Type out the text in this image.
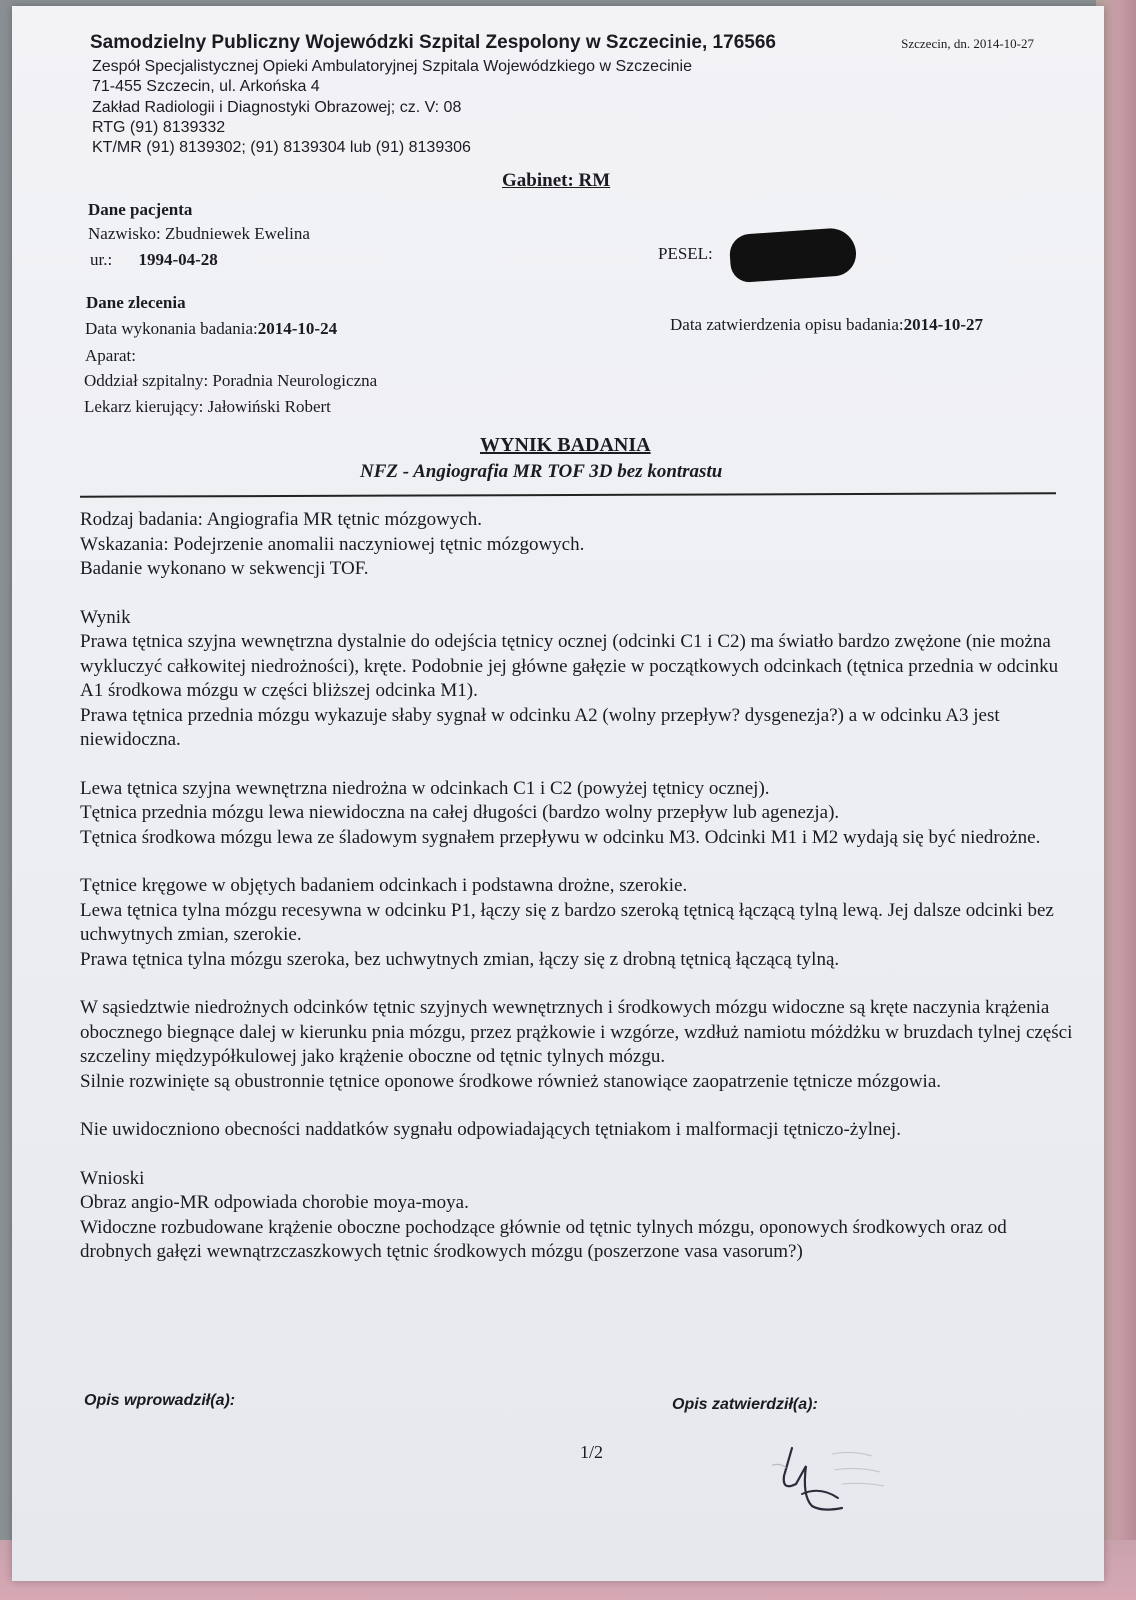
Samodzielny Publiczny Wojewódzki Szpital Zespolony w Szczecinie, 176566	Szczecin, dn. 2014-10-27
Zespół Specjalistycznej Opieki Ambulatoryjnej Szpitala Wojewódzkiego w Szczecinie
71-455 Szczecin, ul. Arkońska 4
Zakład Radiologii i Diagnostyki Obrazowej; cz. V: 08
RTG (91) 8139332
KT/MR (91) 8139302; (91) 8139304 lub (91) 8139306
Gabinet: RM
Dane pacjenta
Nazwisko: Zbudniewek Ewelina
ur.: 1994-04-28	PESEL:
Dane zlecenia
Data wykonania badania:2014-10-24	Data zatwierdzenia opisu badania:2014-10-27
Aparat:
Oddział szpitalny: Poradnia Neurologiczna
Lekarz kierujący: Jałowiński Robert
WYNIK BADANIA
NFZ - Angiografia MR TOF 3D bez kontrastu

Rodzaj badania: Angiografia MR tętnic mózgowych.

Wskazania: Podejrzenie anomalii naczyniowej tętnic mózgowych.

Badanie wykonano w sekwencji TOF.

Wynik

Prawa tętnica szyjna wewnętrzna dystalnie do odejścia tętnicy ocznej (odcinki C1 i C2) ma światło bardzo zwężone (nie można wykluczyć całkowitej niedrożności), kręte. Podobnie jej główne gałęzie w początkowych odcinkach (tętnica przednia w odcinku A1 środkowa mózgu w części bliższej odcinka M1).

Prawa tętnica przednia mózgu wykazuje słaby sygnał w odcinku A2 (wolny przepływ? dysgenezja?) a w odcinku A3 jest niewidoczna.

Lewa tętnica szyjna wewnętrzna niedrożna w odcinkach C1 i C2 (powyżej tętnicy ocznej).

Tętnica przednia mózgu lewa niewidoczna na całej długości (bardzo wolny przepływ lub agenezja).

Tętnica środkowa mózgu lewa ze śladowym sygnałem przepływu w odcinku M3. Odcinki M1 i M2 wydają się być niedrożne.

Tętnice kręgowe w objętych badaniem odcinkach i podstawna drożne, szerokie.

Lewa tętnica tylna mózgu recesywna w odcinku P1, łączy się z bardzo szeroką tętnicą łączącą tylną lewą. Jej dalsze odcinki bez uchwytnych zmian, szerokie.

Prawa tętnica tylna mózgu szeroka, bez uchwytnych zmian, łączy się z drobną tętnicą łączącą tylną.

W sąsiedztwie niedrożnych odcinków tętnic szyjnych wewnętrznych i środkowych mózgu widoczne są kręte naczynia krążenia obocznego biegnące dalej w kierunku pnia mózgu, przez prążkowie i wzgórze, wzdłuż namiotu móżdżku w bruzdach tylnej części szczeliny międzypółkulowej jako krążenie oboczne od tętnic tylnych mózgu.

Silnie rozwinięte są obustronnie tętnice oponowe środkowe również stanowiące zaopatrzenie tętnicze mózgowia.

Nie uwidoczniono obecności naddatków sygnału odpowiadających tętniakom i malformacji tętniczo-żylnej.

Wnioski

Obraz angio-MR odpowiada chorobie moya-moya.

Widoczne rozbudowane krążenie oboczne pochodzące głównie od tętnic tylnych mózgu, oponowych środkowych oraz od drobnych gałęzi wewnątrzczaszkowych tętnic środkowych mózgu (poszerzone vasa vasorum?)

Opis wprowadził(a):	Opis zatwierdził(a):
1/2
